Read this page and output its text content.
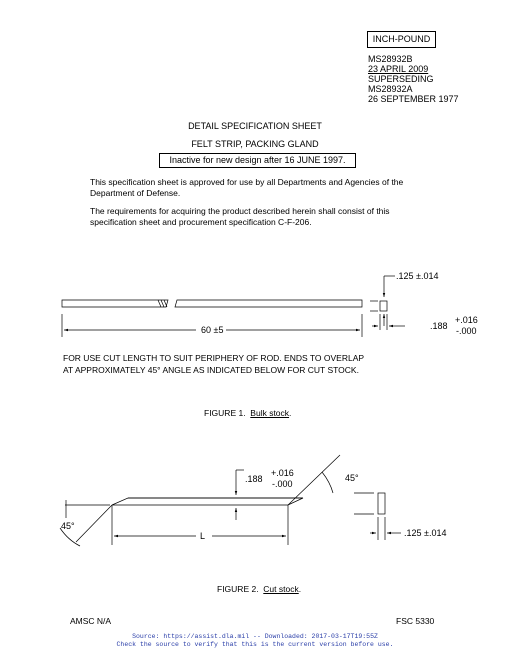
INCH-POUND
MS28932B
23 APRIL 2009
SUPERSEDING
MS28932A
26 SEPTEMBER 1977
DETAIL SPECIFICATION SHEET
FELT STRIP, PACKING GLAND
Inactive for new design after 16 JUNE 1997.
This specification sheet is approved for use by all Departments and Agencies of the
Department of Defense.
The requirements for acquiring the product described herein shall consist of this
specification sheet and procurement specification C-F-206.
.125 ±.014
60 ±5	.188
+.016
-.000
FOR USE CUT LENGTH TO SUIT PERIPHERY OF ROD. ENDS TO OVERLAP
AT APPROXIMATELY 45° ANGLE AS INDICATED BELOW FOR CUT STOCK.
FIGURE 1. Bulk stock.
.188
+.016
-.000
45°
45°
L	.125 ±.014
FIGURE 2. Cut stock.
AMSC N/A	FSC 5330
Source: https://assist.dla.mil -- Downloaded: 2017-03-17T19:55Z
Check the source to verify that this is the current version before use.
